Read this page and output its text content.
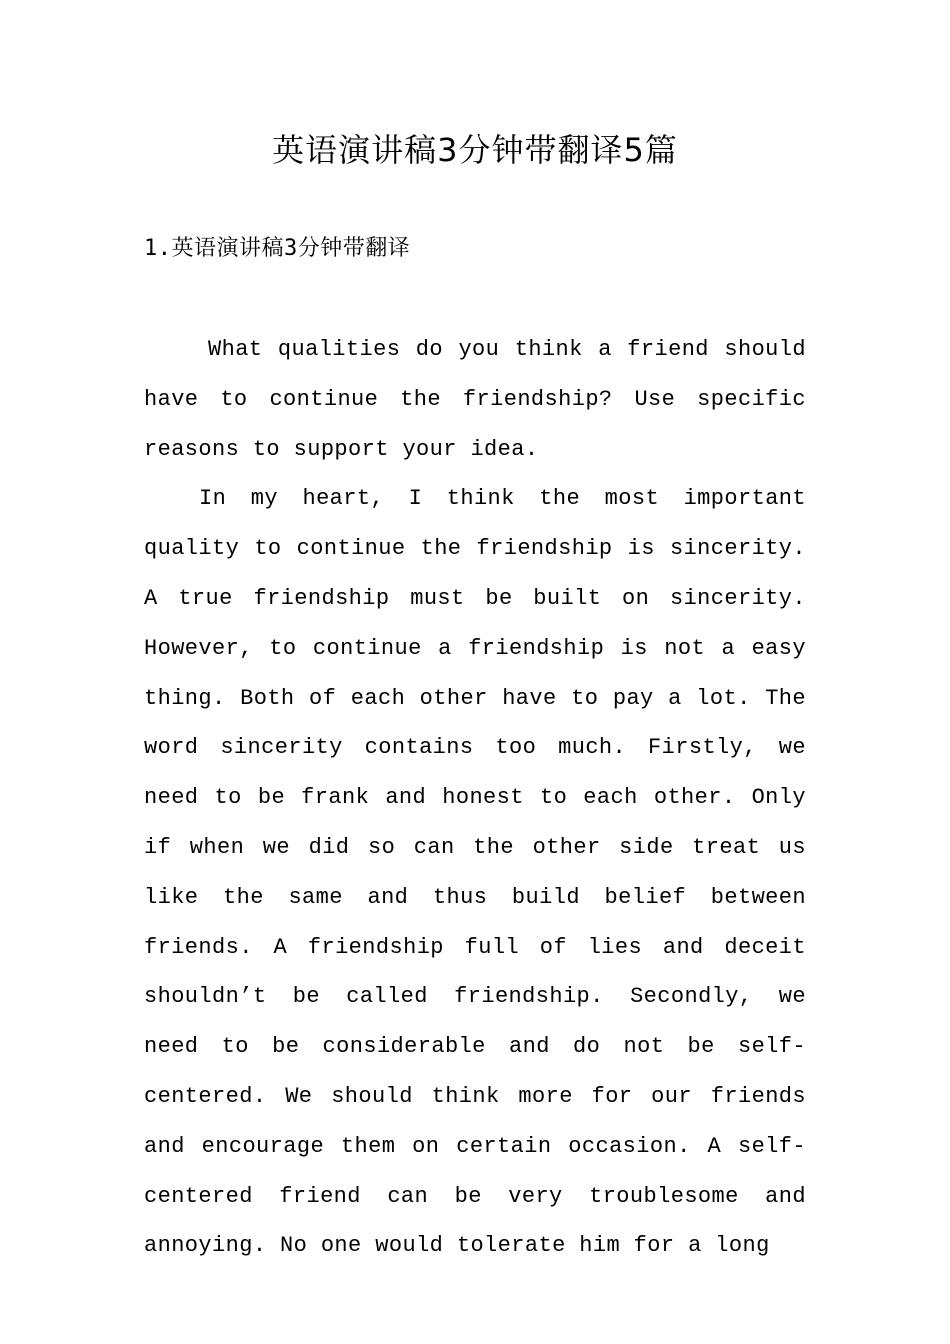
英语演讲稿3分钟带翻译5篇
1.英语演讲稿3分钟带翻译

What qualities do you think a friend should have to continue the friendship? Use specific reasons to support your idea.

In my heart, I think the most important quality to continue the friendship is sincerity. A true friendship must be built on sincerity. However, to continue a friendship is not a easy thing. Both of each other have to pay a lot. The word sincerity contains too much. Firstly, we need to be frank and honest to each other. Only if when we did so can the other side treat us like the same and thus build belief between friends. A friendship full of lies and deceit shouldn’t be called friendship. Secondly, we need to be considerable and do not be self-centered. We should think more for our friends and encourage them on certain occasion. A self-centered friend can be very troublesome and annoying. No one would tolerate him for a long
